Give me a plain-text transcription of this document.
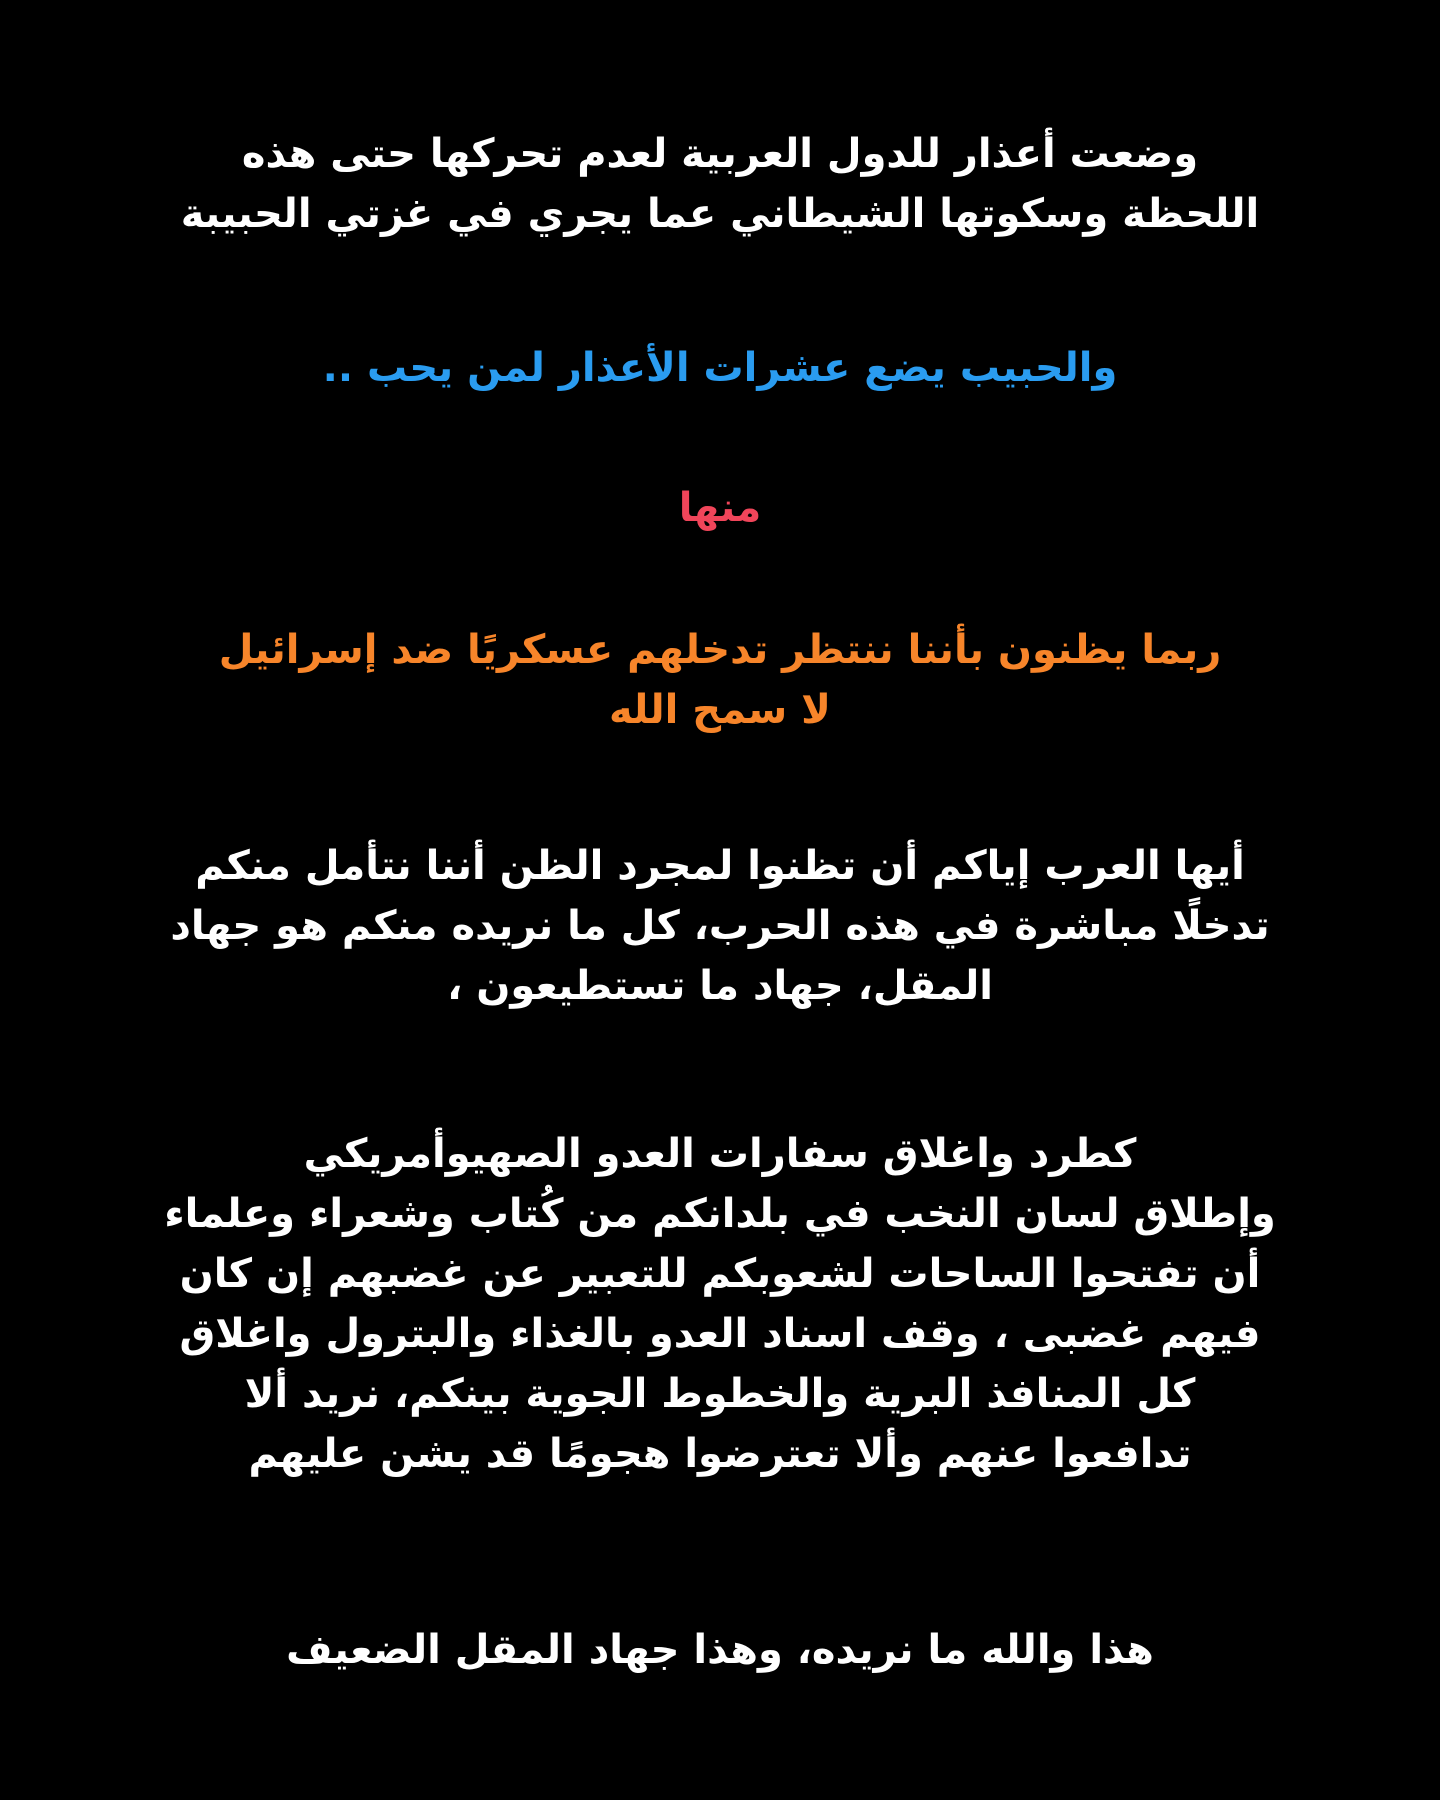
وضعت أعذار للدول العربية لعدم تحركها حتى هذه
اللحظة وسكوتها الشيطاني عما يجري في غزتي الحبيبة

والحبيب يضع عشرات الأعذار لمن يحب ..

منها

ربما يظنون بأننا ننتظر تدخلهم عسكريًا ضد إسرائيل
لا سمح الله

أيها العرب إياكم أن تظنوا لمجرد الظن أننا نتأمل منكم
تدخلًا مباشرة في هذه الحرب، كل ما نريده منكم هو جهاد
المقل، جهاد ما تستطيعون ،

كطرد واغلاق سفارات العدو الصهيوأمريكي
وإطلاق لسان النخب في بلدانكم من كُتاب وشعراء وعلماء
أن تفتحوا الساحات لشعوبكم للتعبير عن غضبهم إن كان
فيهم غضبى ، وقف اسناد العدو بالغذاء والبترول واغلاق
كل المنافذ البرية والخطوط الجوية بينكم، نريد ألا
تدافعوا عنهم وألا تعترضوا هجومًا قد يشن عليهم

هذا والله ما نريده، وهذا جهاد المقل الضعيف
